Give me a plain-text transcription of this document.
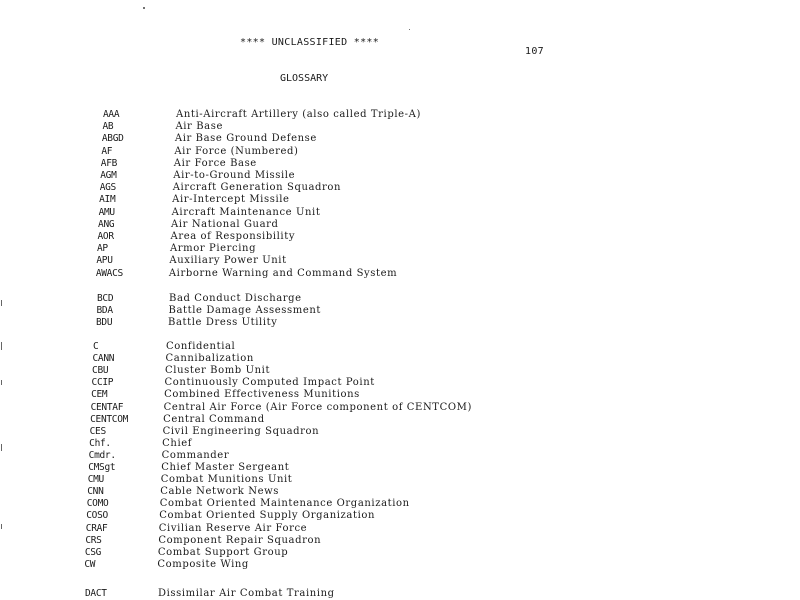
**** UNCLASSIFIED ****
107
GLOSSARY
AAA	Anti-Aircraft Artillery (also called Triple-A)
AB	Air Base
ABGD	Air Base Ground Defense
AF	Air Force (Numbered)
AFB	Air Force Base
AGM	Air-to-Ground Missile
AGS	Aircraft Generation Squadron
AIM	Air-Intercept Missile
AMU	Aircraft Maintenance Unit
ANG	Air National Guard
AOR	Area of Responsibility
AP	Armor Piercing
APU	Auxiliary Power Unit
AWACS	Airborne Warning and Command System
BCD	Bad Conduct Discharge
BDA	Battle Damage Assessment
BDU	Battle Dress Utility
C	Confidential
CANN	Cannibalization
CBU	Cluster Bomb Unit
CCIP	Continuously Computed Impact Point
CEM	Combined Effectiveness Munitions
CENTAF	Central Air Force (Air Force component of CENTCOM)
CENTCOM	Central Command
CES	Civil Engineering Squadron
Chf.	Chief
Cmdr.	Commander
CMSgt	Chief Master Sergeant
CMU	Combat Munitions Unit
CNN	Cable Network News
COMO	Combat Oriented Maintenance Organization
COSO	Combat Oriented Supply Organization
CRAF	Civilian Reserve Air Force
CRS	Component Repair Squadron
CSG	Combat Support Group
CW	Composite Wing
DACT	Dissimilar Air Combat Training
